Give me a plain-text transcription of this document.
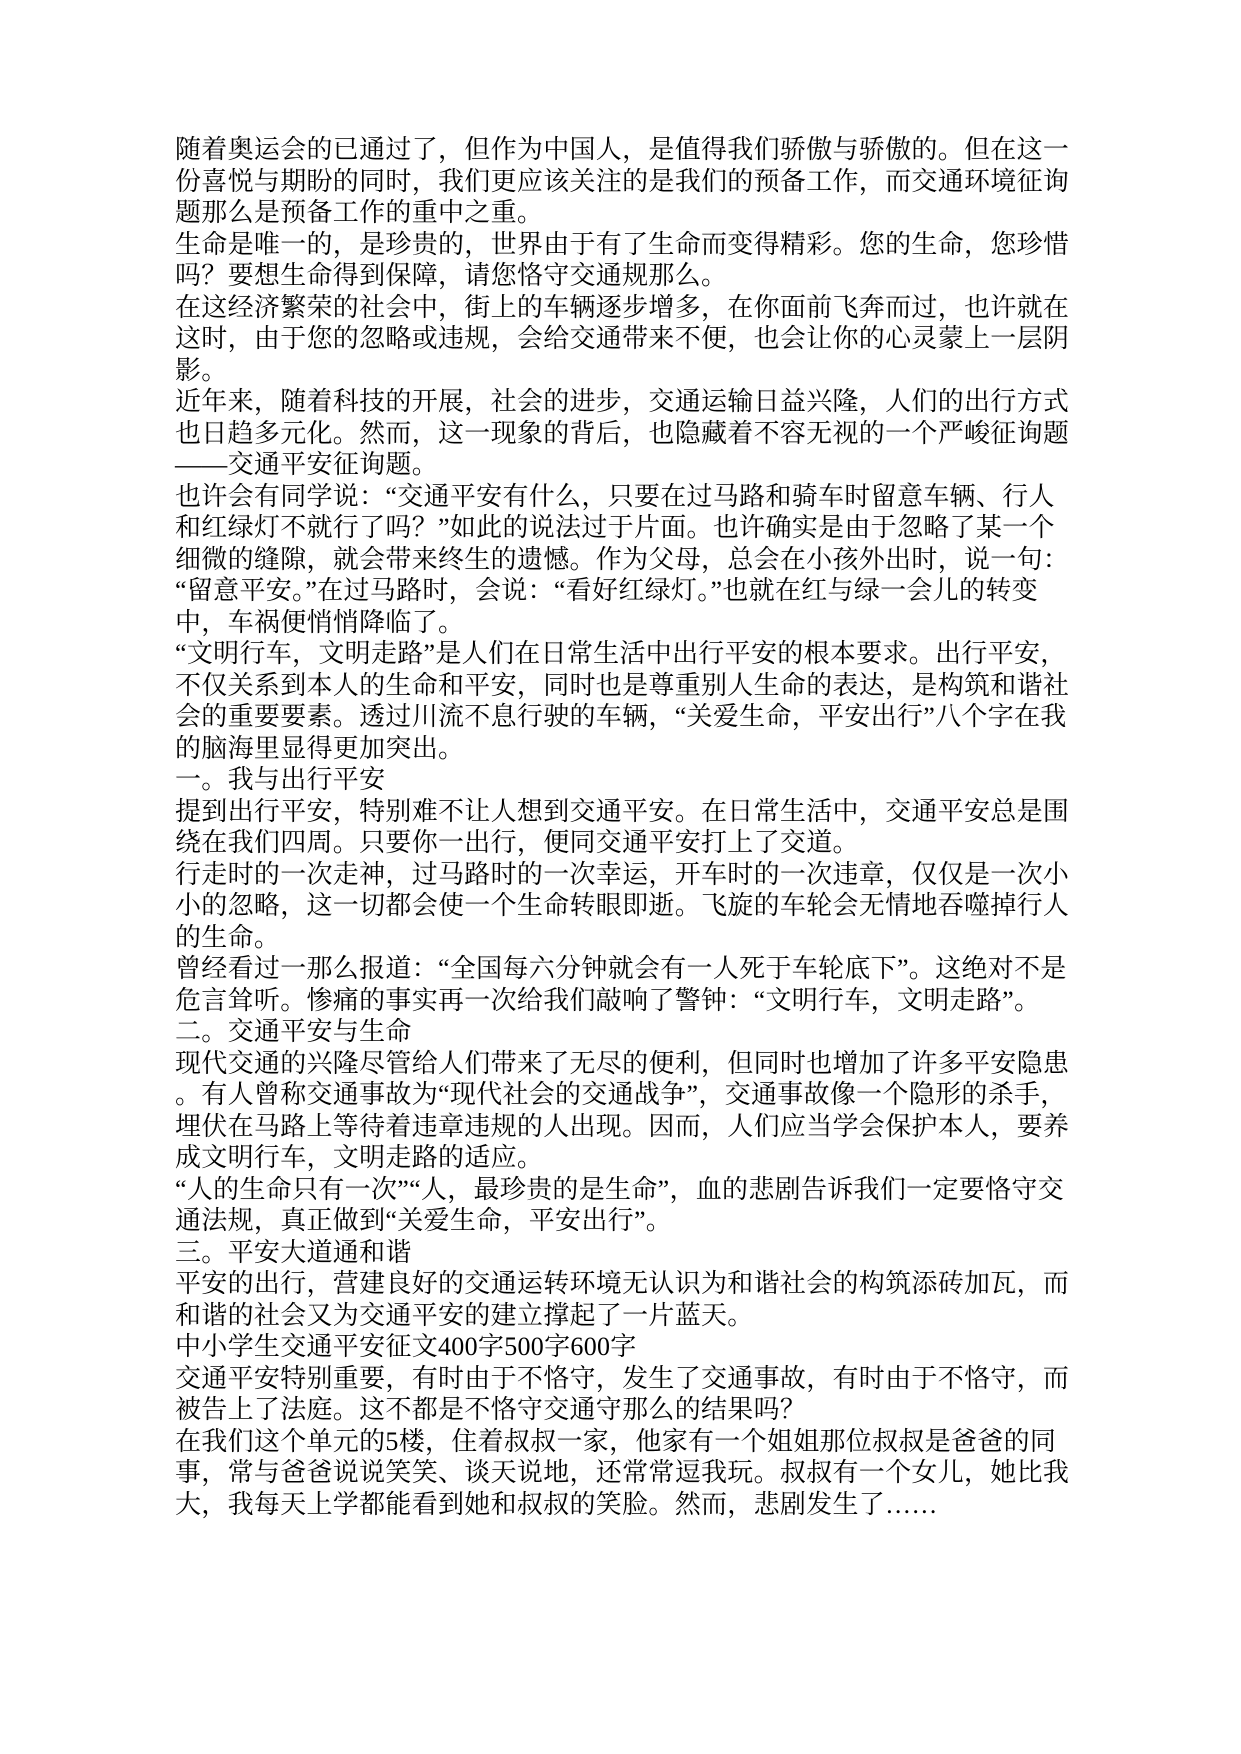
随着奥运会的已通过了，但作为中国人，是值得我们骄傲与骄傲的。但在这一
份喜悦与期盼的同时，我们更应该关注的是我们的预备工作，而交通环境征询
题那么是预备工作的重中之重。
生命是唯一的，是珍贵的，世界由于有了生命而变得精彩。您的生命，您珍惜
吗？要想生命得到保障，请您恪守交通规那么。
在这经济繁荣的社会中，街上的车辆逐步增多，在你面前飞奔而过，也许就在
这时，由于您的忽略或违规，会给交通带来不便，也会让你的心灵蒙上一层阴
影。
近年来，随着科技的开展，社会的进步，交通运输日益兴隆，人们的出行方式
也日趋多元化。然而，这一现象的背后，也隐藏着不容无视的一个严峻征询题
——交通平安征询题。
也许会有同学说：“交通平安有什么，只要在过马路和骑车时留意车辆、行人
和红绿灯不就行了吗？”如此的说法过于片面。也许确实是由于忽略了某一个
细微的缝隙，就会带来终生的遗憾。作为父母，总会在小孩外出时，说一句：
“留意平安。”在过马路时，会说：“看好红绿灯。”也就在红与绿一会儿的转变
中，车祸便悄悄降临了。
“文明行车，文明走路”是人们在日常生活中出行平安的根本要求。出行平安，
不仅关系到本人的生命和平安，同时也是尊重别人生命的表达，是构筑和谐社
会的重要要素。透过川流不息行驶的车辆，“关爱生命，平安出行”八个字在我
的脑海里显得更加突出。
一。我与出行平安
提到出行平安，特别难不让人想到交通平安。在日常生活中，交通平安总是围
绕在我们四周。只要你一出行，便同交通平安打上了交道。
行走时的一次走神，过马路时的一次幸运，开车时的一次违章，仅仅是一次小
小的忽略，这一切都会使一个生命转眼即逝。飞旋的车轮会无情地吞噬掉行人
的生命。
曾经看过一那么报道：“全国每六分钟就会有一人死于车轮底下”。这绝对不是
危言耸听。惨痛的事实再一次给我们敲响了警钟：“文明行车，文明走路”。
二。交通平安与生命
现代交通的兴隆尽管给人们带来了无尽的便利，但同时也增加了许多平安隐患
。有人曾称交通事故为“现代社会的交通战争”，交通事故像一个隐形的杀手，
埋伏在马路上等待着违章违规的人出现。因而，人们应当学会保护本人，要养
成文明行车，文明走路的适应。
“人的生命只有一次”“人，最珍贵的是生命”，血的悲剧告诉我们一定要恪守交
通法规，真正做到“关爱生命，平安出行”。
三。平安大道通和谐
平安的出行，营建良好的交通运转环境无认识为和谐社会的构筑添砖加瓦，而
和谐的社会又为交通平安的建立撑起了一片蓝天。
中小学生交通平安征文400字500字600字
交通平安特别重要，有时由于不恪守，发生了交通事故，有时由于不恪守，而
被告上了法庭。这不都是不恪守交通守那么的结果吗？
在我们这个单元的5楼，住着叔叔一家，他家有一个姐姐那位叔叔是爸爸的同
事，常与爸爸说说笑笑、谈天说地，还常常逗我玩。叔叔有一个女儿，她比我
大，我每天上学都能看到她和叔叔的笑脸。然而，悲剧发生了……
